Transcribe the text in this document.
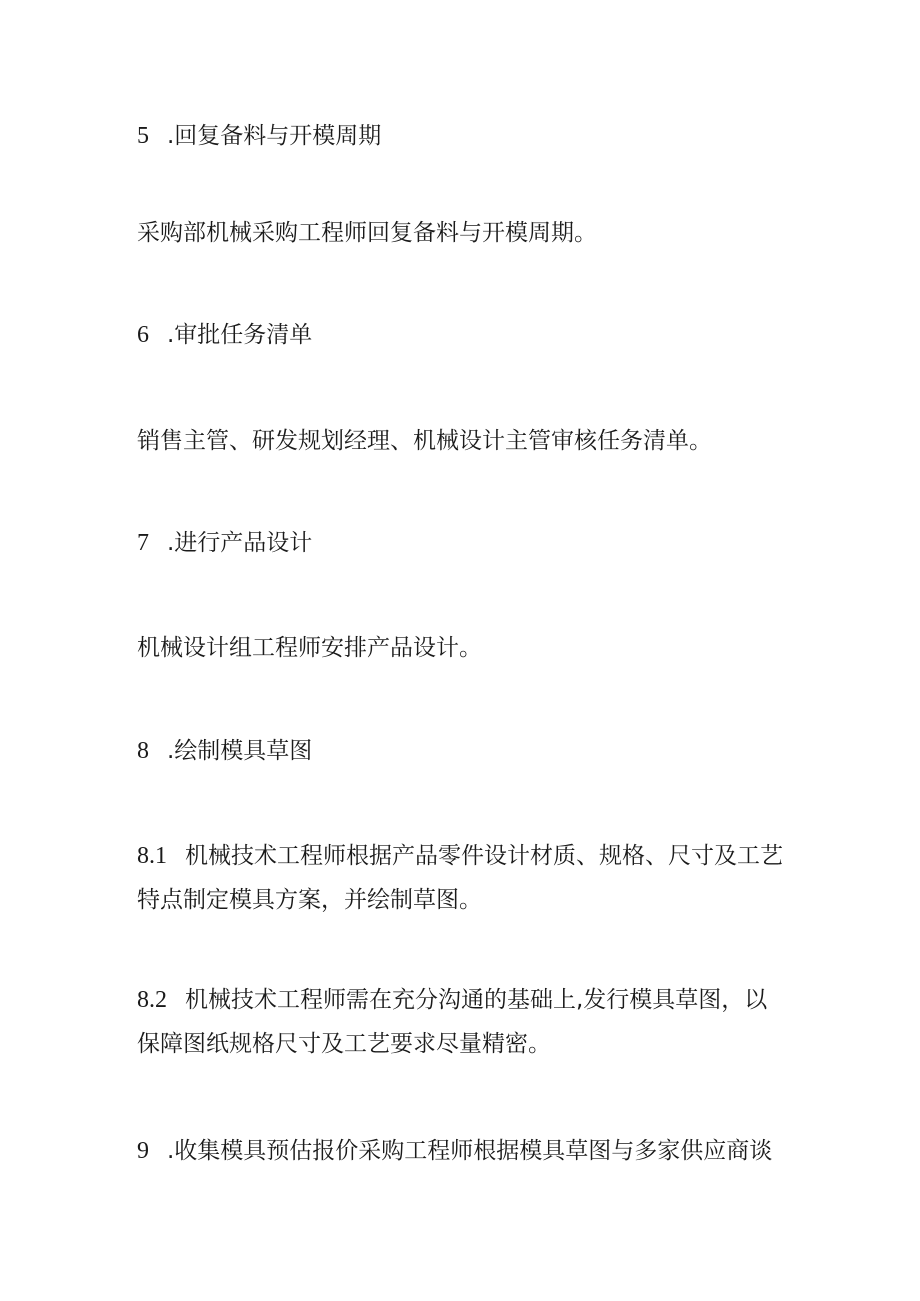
5 .回复备料与开模周期

采购部机械采购工程师回复备料与开模周期。

6 .审批任务清单

销售主管、研发规划经理、机械设计主管审核任务清单。

7 .进行产品设计

机械设计组工程师安排产品设计。

8 .绘制模具草图

8.1 机械技术工程师根据产品零件设计材质、规格、尺寸及工艺
特点制定模具方案，并绘制草图。
8.2 机械技术工程师需在充分沟通的基础上,发行模具草图，以
保障图纸规格尺寸及工艺要求尽量精密。

9 .收集模具预估报价采购工程师根据模具草图与多家供应商谈
